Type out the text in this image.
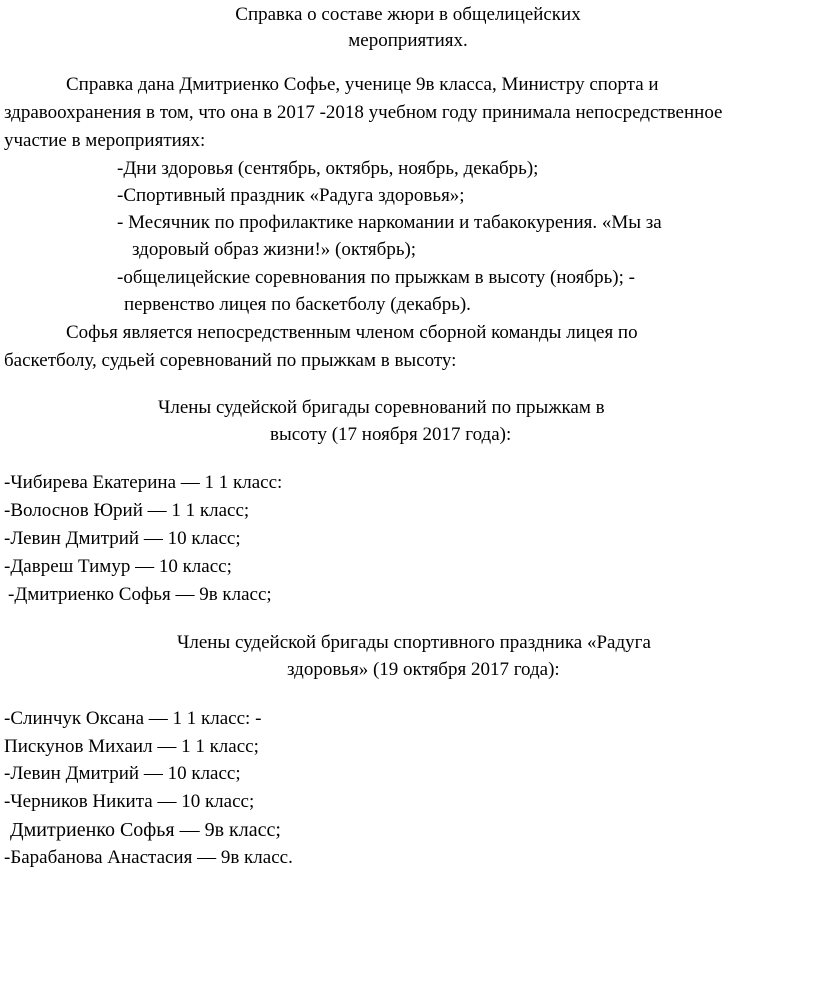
Справка о составе жюри в общелицейских
мероприятиях.
Справка дана Дмитриенко Софье, ученице 9в класса, Министру спорта и
здравоохранения в том, что она в 2017 -2018 учебном году принимала непосредственное
участие в мероприятиях:
-Дни здоровья (сентябрь, октябрь, ноябрь, декабрь);
-Спортивный праздник «Радуга здоровья»;
- Месячник по профилактике наркомании и табакокурения. «Мы за
здоровый образ жизни!» (октябрь);
-общелицейские соревнования по прыжкам в высоту (ноябрь); -
первенство лицея по баскетболу (декабрь).
Софья является непосредственным членом сборной команды лицея по
баскетболу, судьей соревнований по прыжкам в высоту:
Члены судейской бригады соревнований по прыжкам в
высоту (17 ноября 2017 года):
-Чибирева Екатерина — 1 1 класс:
-Волоснов Юрий — 1 1 класс;
-Левин Дмитрий — 10 класс;
-Давреш Тимур — 10 класс;
-Дмитриенко Софья — 9в класс;
Члены судейской бригады спортивного праздника «Радуга
здоровья» (19 октября 2017 года):
-Слинчук Оксана — 1 1 класс: -
Пискунов Михаил — 1 1 класс;
-Левин Дмитрий — 10 класс;
-Черников Никита — 10 класс;
Дмитриенко Софья — 9в класс;
-Барабанова Анастасия — 9в класс.
